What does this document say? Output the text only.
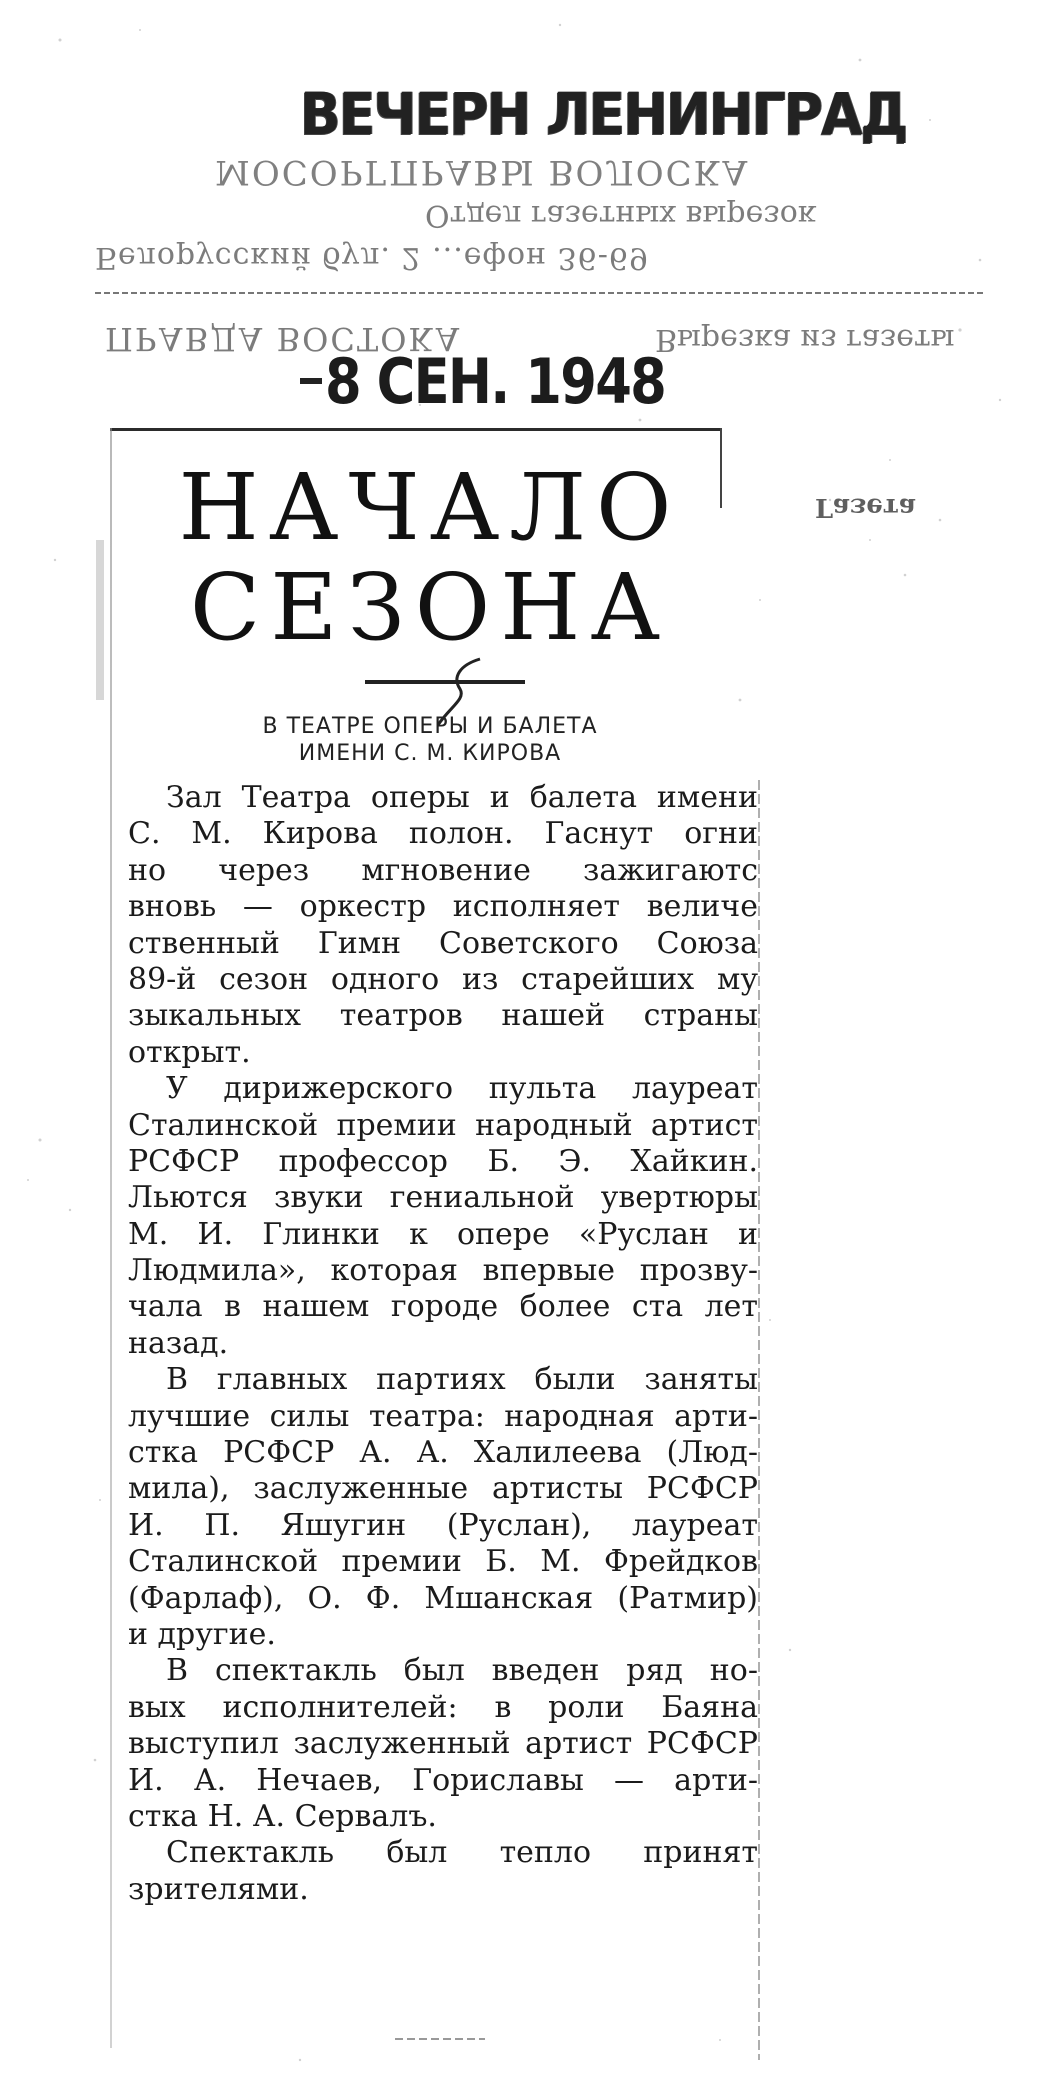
ВЕЧЕРН ЛЕНИНГРАД
МОСОРГПРАВЫ ВОЛОСКА
Отдел газетных вырезок
Белорусский бул. 2 ...ефон 36-69
ПРАВДА ВОСТОКА	Вырезка из газеты
8 СЕН. 1948
Газета
НАЧАЛО
СЕЗОНА
В ТЕАТРЕ ОПЕРЫ И БАЛЕТА
ИМЕНИ С. М. КИРОВА
Зал Театра оперы и балета имени
С. М. Кирова полон. Гаснут огни
но через мгновение зажигаютс
вновь — оркестр исполняет величе
ственный Гимн Советского Союза
89-й сезон одного из старейших му
зыкальных театров нашей страны
открыт.
У дирижерского пульта лауреат
Сталинской премии народный артист
РСФСР профессор Б. Э. Хайкин.
Льются звуки гениальной увертюры
М. И. Глинки к опере «Руслан и
Людмила», которая впервые прозву-
чала в нашем городе более ста лет
назад.
В главных партиях были заняты
лучшие силы театра: народная арти-
стка РСФСР А. А. Халилеева (Люд-
мила), заслуженные артисты РСФСР
И. П. Яшугин (Руслан), лауреат
Сталинской премии Б. М. Фрейдков
(Фарлаф), О. Ф. Мшанская (Ратмир)
и другие.
В спектакль был введен ряд но-
вых исполнителей: в роли Баяна
выступил заслуженный артист РСФСР
И. А. Нечаев, Гориславы — арти-
стка Н. А. Сервалъ.
Спектакль был тепло принят
зрителями.
